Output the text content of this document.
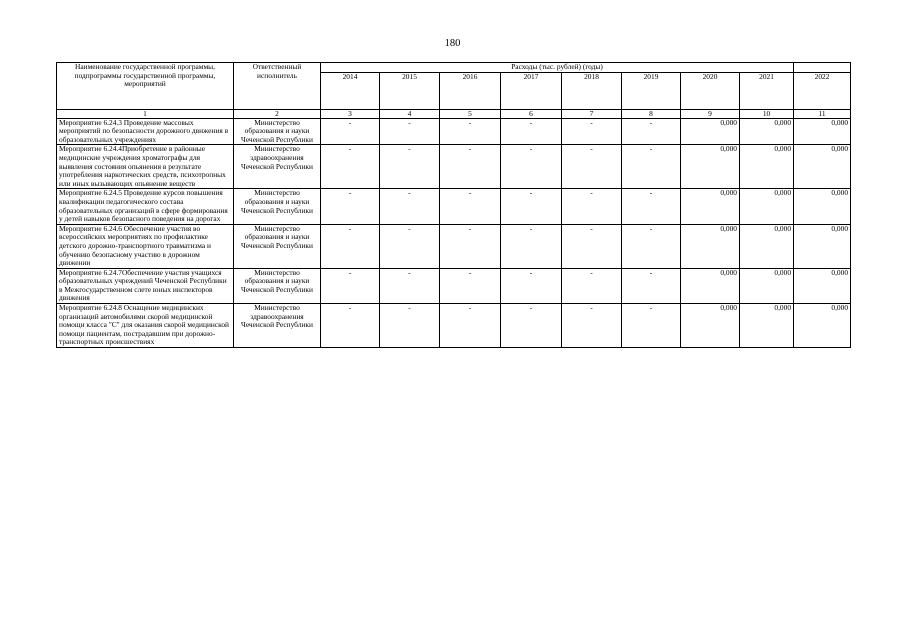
180
Наименование государственной программы, подпрограммы государственной программы, мероприятий	Ответственный исполнитель	Расходы (тыс. рублей) (годы)								
		2014	2015	2016	2017	2018	2019	2020	2021	2022
1	2	3	4	5	6	7	8	9	10	11
Мероприятие 6.24.3 Проведение массовых мероприятий по безопасности дорожного движения в образовательных учреждениях	Министерство образования и науки Чеченской Республики	-	-	-	-	-	-	0,000	0,000	0,000
Мероприятие 6.24.4Приобретение в районные медицинские учреждения хроматографы для выявления состояния опьянения в результате употребления наркотических средств, психотропных или иных вызывающих опьянение веществ	Министерство здравоохранения Чеченской Республики	-	-	-	-	-	-	0,000	0,000	0,000
Мероприятие 6.24.5 Проведение курсов повышения квалификации педагогического состава образовательных организаций в сфере формирования у детей навыков безопасного поведения на дорогах	Министерство образования и науки Чеченской Республики	-	-	-	-	-	-	0,000	0,000	0,000
Мероприятие 6.24.6 Обеспечение участия во всероссийских мероприятиях по профилактике детского дорожно-транспортного травматизма и обучению безопасному участию в дорожном движении	Министерство образования и науки Чеченской Республики	-	-	-	-	-	-	0,000	0,000	0,000
Мероприятие 6.24.7Обеспечение участия учащихся образовательных учреждений Чеченской Республики в Межгосударственном слете юных инспекторов движения	Министерство образования и науки Чеченской Республики	-	-	-	-	-	-	0,000	0,000	0,000
Мероприятие 6.24.8 Оснащение медицинских организаций автомобилями скорой медицинской помощи класса "С" для оказания скорой медицинской помощи пациентам, пострадавшим при дорожно-транспортных происшествиях	Министерство здравоохранения Чеченской Республики	-	-	-	-	-	-	0,000	0,000	0,000
